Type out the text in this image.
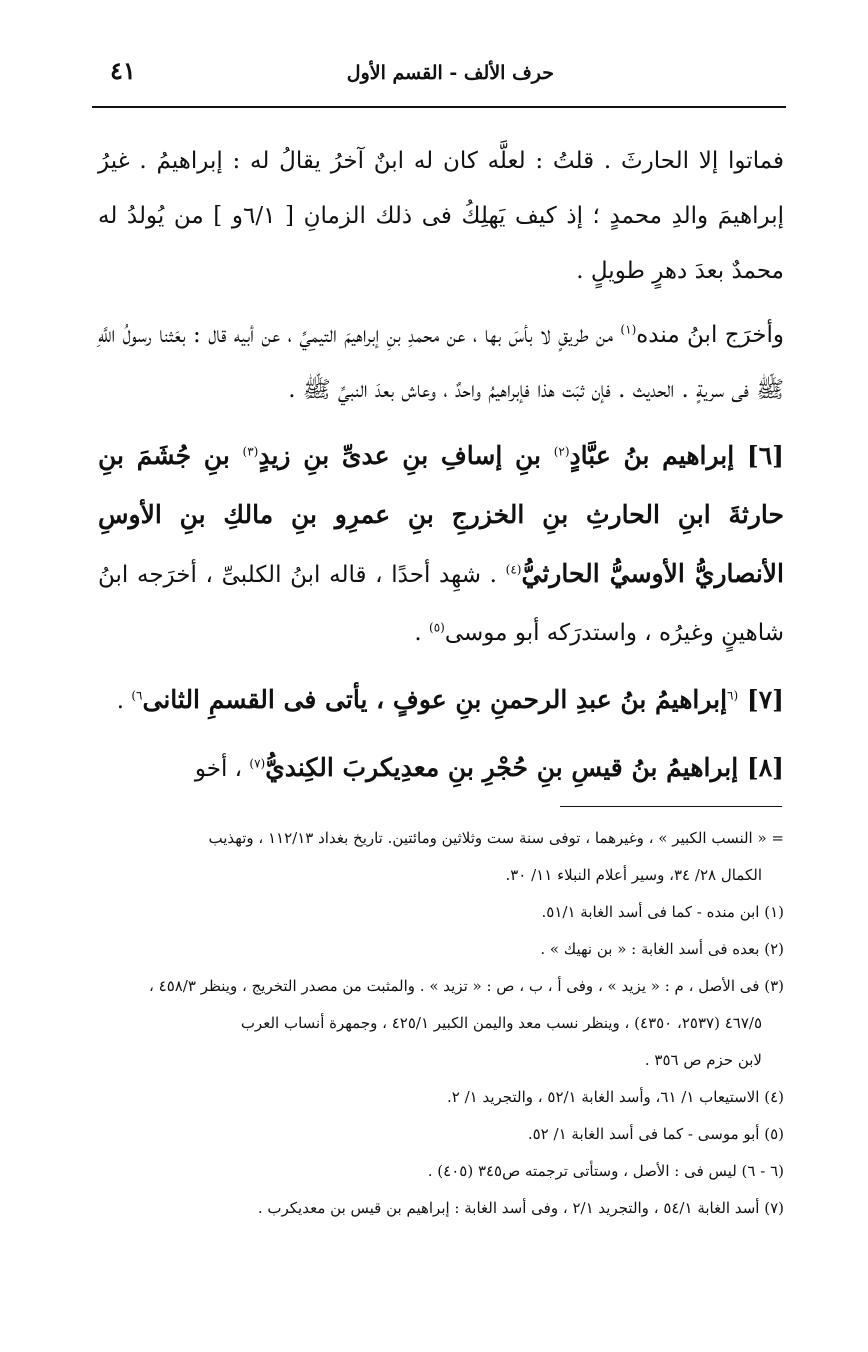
حرف الألف - القسم الأول
٤١

فماتوا إلا الحارثَ . قلتُ : لعلَّه كان له ابنٌ آخرُ يقالُ له : إبراهيمُ . غيرُ إبراهيمَ والدِ محمدٍ ؛ إذ كيف يَهلِكُ فى ذلك الزمانِ [ ٦/١و ] من يُولدُ له محمدٌ بعدَ دهرٍ طويلٍ .

وأخرَج ابنُ منده$^{(١)}$ من طريقٍ لا بأسَ بها ، عن محمدِ بنِ إبراهيمَ التيميِّ ، عن أبيه قال : بعَثنا رسولُ اللَّهِ ﷺ فى سريةٍ . الحديث . فإن ثبَت هذا فإبراهيمُ واحدٌ ، وعاش بعدَ النبيِّ ﷺ .

[٦] إبراهيم بنُ عبَّادٍ$^{(٢)}$ بنِ إسافِ بنِ عدىِّ بنِ زيدٍ$^{(٣)}$ بنِ جُشَمَ بنِ حارثةَ ابنِ الحارثِ بنِ الخزرجِ بنِ عمرِو بنِ مالكِ بنِ الأوسِ الأنصاريُّ الأوسيُّ الحارثيُّ$^{(٤)}$ . شهِد أحدًا ، قاله ابنُ الكلبىِّ ، أخرَجه ابنُ شاهينٍ وغيرُه ، واستدرَكه أبو موسى$^{(٥)}$ .

[٧] $^{(٦}$إبراهيمُ بنُ عبدِ الرحمنِ بنِ عوفٍ ، يأتى فى القسمِ الثانى$^{٦)}$ .

[٨] إبراهيمُ بنُ قيسِ بنِ حُجْرِ بنِ معدِيكربَ الكِنديُّ$^{(٧)}$ ، أخو

= « النسب الكبير » ، وغيرهما ، توفى سنة ست وثلاثين ومائتين. تاريخ بغداد ١١٢/١٣ ، وتهذيب

الكمال ٢٨/ ٣٤، وسير أعلام النبلاء ١١/ ٣٠.

(١) ابن منده - كما فى أسد الغابة ٥١/١.

(٢) بعده فى أسد الغابة : « بن نهيك » .

(٣) فى الأصل ، م : « يزيد » ، وفى أ ، ب ، ص : « تزيد » . والمثبت من مصدر التخريج ، وينظر ٤٥٨/٣ ،

٤٦٧/٥ (٢٥٣٧، ٤٣٥٠) ، وينظر نسب معد واليمن الكبير ٤٢٥/١ ، وجمهرة أنساب العرب

لابن حزم ص ٣٥٦ .

(٤) الاستيعاب ١/ ٦١، وأسد الغابة ٥٢/١ ، والتجريد ١/ ٢.

(٥) أبو موسى - كما فى أسد الغابة ١/ ٥٢.

(٦ - ٦) ليس فى : الأصل ، وستأتى ترجمته ص٣٤٥ (٤٠٥) .

(٧) أسد الغابة ٥٤/١ ، والتجريد ٢/١ ، وفى أسد الغابة : إبراهيم بن قيس بن معديكرب .
